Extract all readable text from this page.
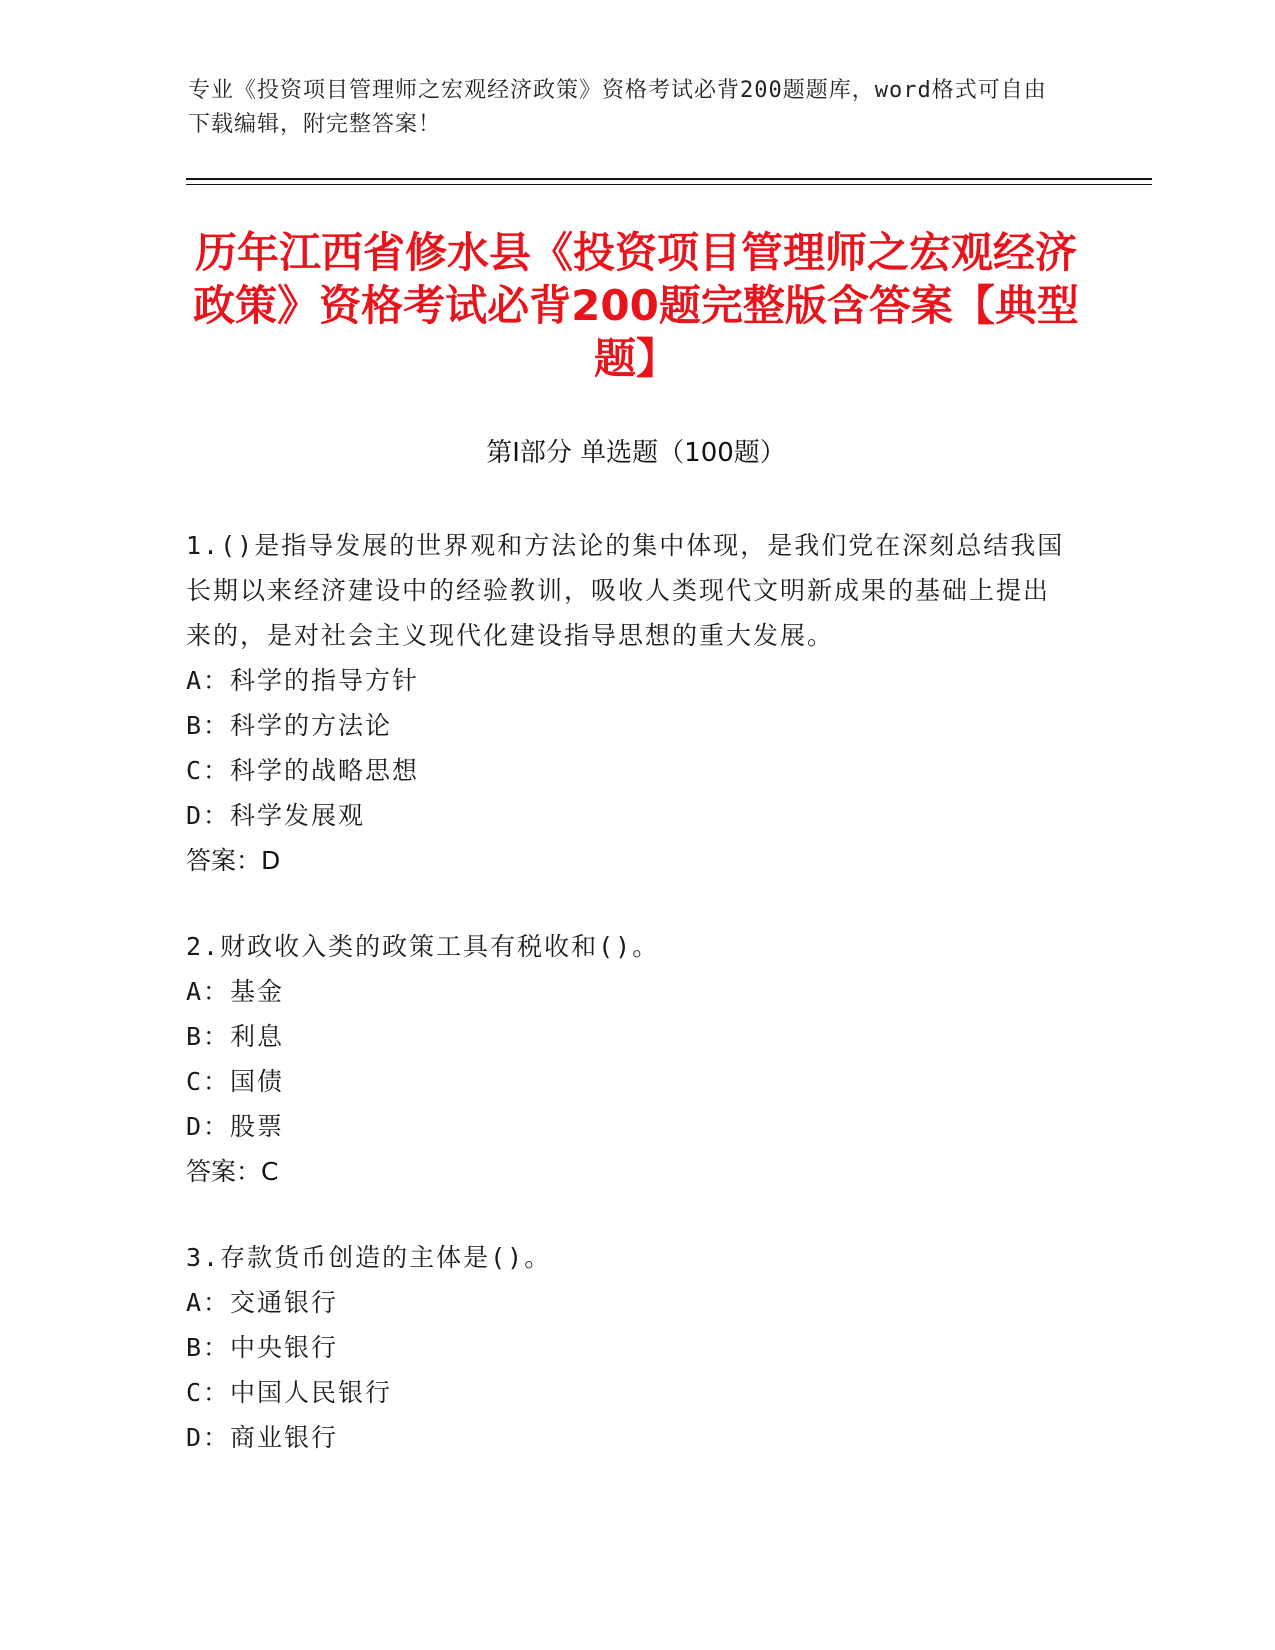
专业《投资项目管理师之宏观经济政策》资格考试必背200题题库，word格式可自由下载编辑，附完整答案！
历年江西省修水县《投资项目管理师之宏观经济政策》资格考试必背200题完整版含答案【典型题】
第Ⅰ部分 单选题（100题）
1.()是指导发展的世界观和方法论的集中体现，是我们党在深刻总结我国长期以来经济建设中的经验教训，吸收人类现代文明新成果的基础上提出来的，是对社会主义现代化建设指导思想的重大发展。
A：科学的指导方针
B：科学的方法论
C：科学的战略思想
D：科学发展观
答案：D
2.财政收入类的政策工具有税收和()。
A：基金
B：利息
C：国债
D：股票
答案：C
3.存款货币创造的主体是()。
A：交通银行
B：中央银行
C：中国人民银行
D：商业银行
